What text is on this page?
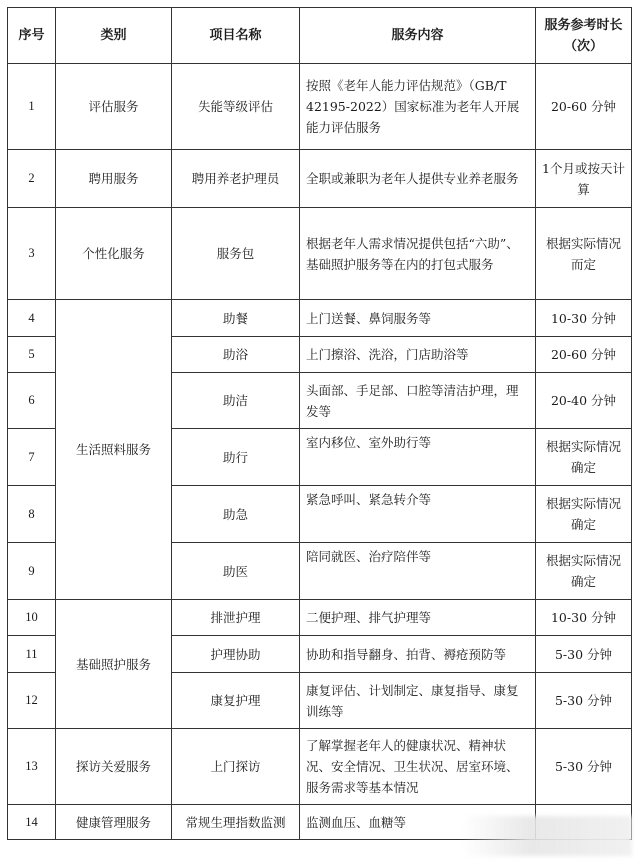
序号	类别	项目名称	服务内容	服务参考时长（次）
1	评估服务	失能等级评估	按照《老年人能力评估规范》（GB/T 42195-2022）国家标准为老年人开展能力评估服务	20-60 分钟
2	聘用服务	聘用养老护理员	全职或兼职为老年人提供专业养老服务	1个月或按天计算
3	个性化服务	服务包	根据老年人需求情况提供包括“六助”、基础照护服务等在内的打包式服务	根据实际情况而定
4	生活照料服务	助餐	上门送餐、鼻饲服务等	10-30 分钟
5		助浴	上门擦浴、洗浴，门店助浴等	20-60 分钟
6		助洁	头面部、手足部、口腔等清洁护理，理发等	20-40 分钟
7		助行	室内移位、室外助行等	根据实际情况确定
8		助急	紧急呼叫、紧急转介等	根据实际情况确定
9		助医	陪同就医、治疗陪伴等	根据实际情况确定
10	基础照护服务	排泄护理	二便护理、排气护理等	10-30 分钟
11		护理协助	协助和指导翻身、拍背、褥疮预防等	5-30 分钟
12		康复护理	康复评估、计划制定、康复指导、康复训练等	5-30 分钟
13	探访关爱服务	上门探访	了解掌握老年人的健康状况、精神状况、安全情况、卫生状况、居室环境、服务需求等基本情况	5-30 分钟
14	健康管理服务	常规生理指数监测	监测血压、血糖等	
